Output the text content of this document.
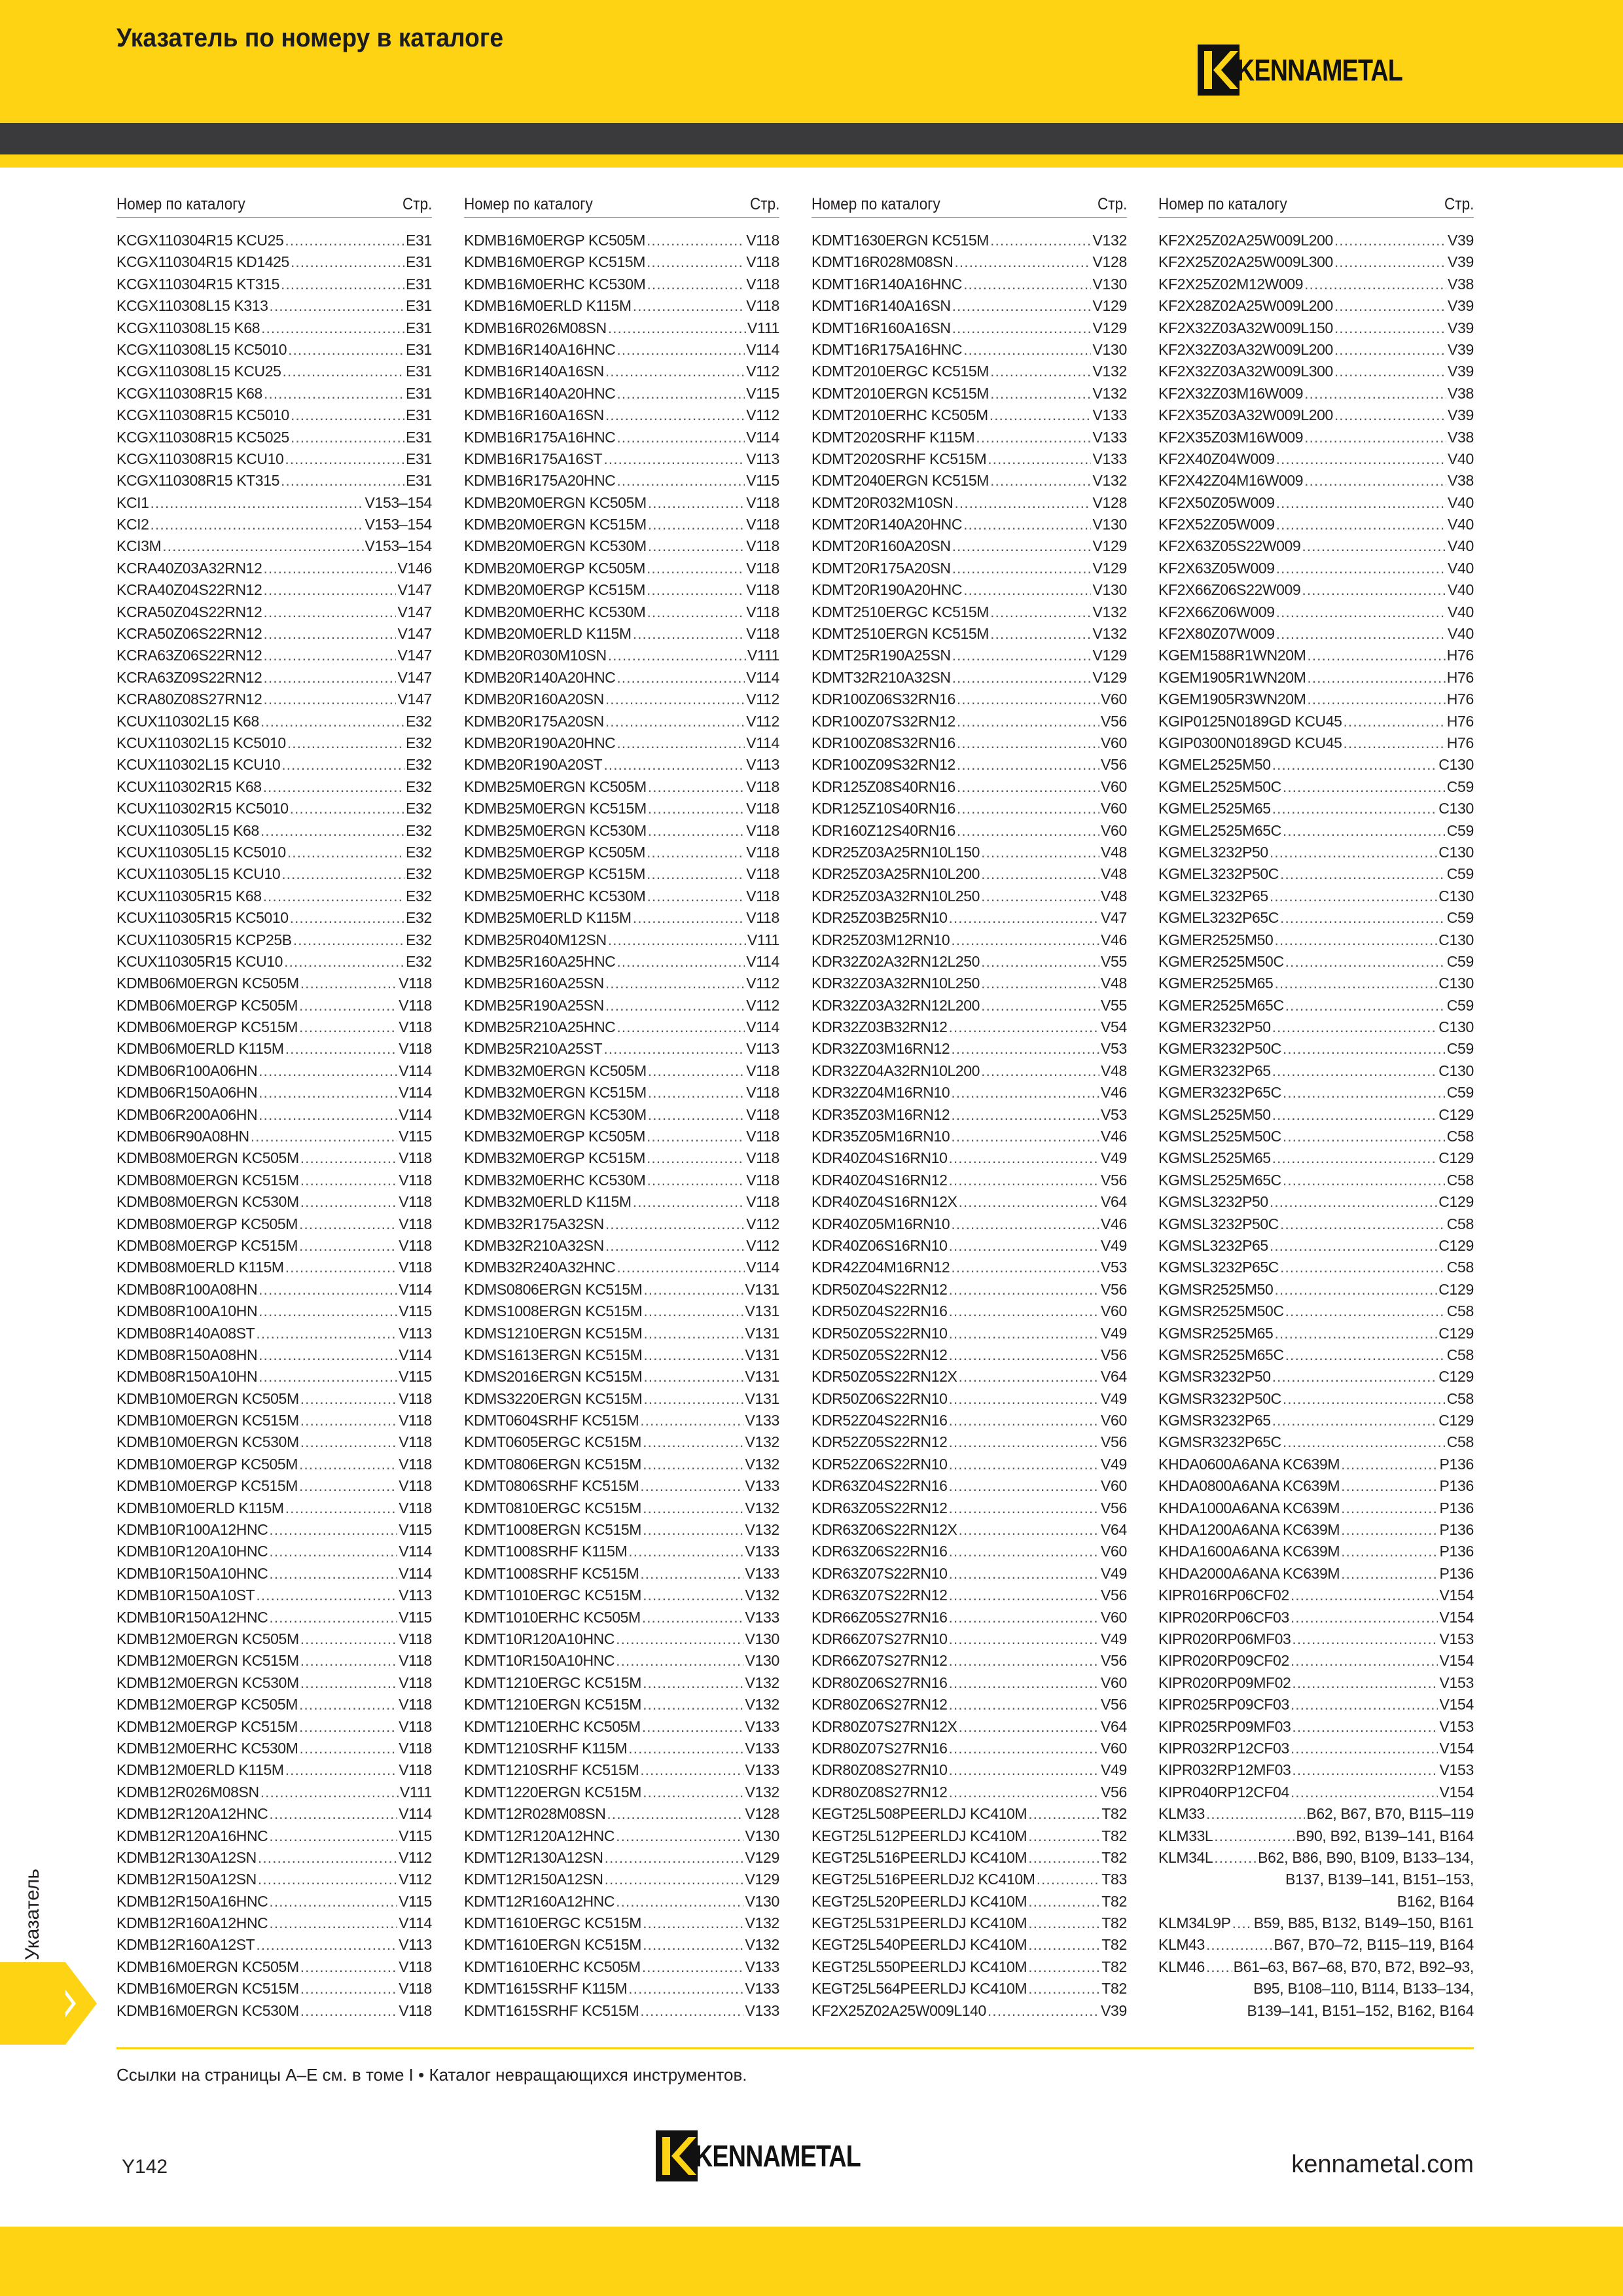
Указатель по номеру в каталоге
KENNAMETAL
Номер по каталогу	Стр.
KCGX110304R15 KCU25 .....	E31
KCGX110304R15 KD1425 .....	E31
KCGX110304R15 KT315 .....	E31
KCGX110308L15 K313 .....	E31
KCGX110308L15 K68 .....	E31
KCGX110308L15 KC5010 .....	E31
KCGX110308L15 KCU25 .....	E31
KCGX110308R15 K68 .....	E31
KCGX110308R15 KC5010 .....	E31
KCGX110308R15 KC5025 .....	E31
KCGX110308R15 KCU10 .....	E31
KCGX110308R15 KT315 .....	E31
KCI1 .....	V153–154
KCI2 .....	V153–154
KCI3M .....	V153–154
KCRA40Z03A32RN12 .....	V146
KCRA40Z04S22RN12 .....	V147
KCRA50Z04S22RN12 .....	V147
KCRA50Z06S22RN12 .....	V147
KCRA63Z06S22RN12 .....	V147
KCRA63Z09S22RN12 .....	V147
KCRA80Z08S27RN12 .....	V147
KCUX110302L15 K68 .....	E32
KCUX110302L15 KC5010 .....	E32
KCUX110302L15 KCU10 .....	E32
KCUX110302R15 K68 .....	E32
KCUX110302R15 KC5010 .....	E32
KCUX110305L15 K68 .....	E32
KCUX110305L15 KC5010 .....	E32
KCUX110305L15 KCU10 .....	E32
KCUX110305R15 K68 .....	E32
KCUX110305R15 KC5010 .....	E32
KCUX110305R15 KCP25B .....	E32
KCUX110305R15 KCU10 .....	E32
KDMB06M0ERGN KC505M .....	V118
KDMB06M0ERGP KC505M .....	V118
KDMB06M0ERGP KC515M .....	V118
KDMB06M0ERLD K115M .....	V118
KDMB06R100A06HN .....	V114
KDMB06R150A06HN .....	V114
KDMB06R200A06HN .....	V114
KDMB06R90A08HN .....	V115
KDMB08M0ERGN KC505M .....	V118
KDMB08M0ERGN KC515M .....	V118
KDMB08M0ERGN KC530M .....	V118
KDMB08M0ERGP KC505M .....	V118
KDMB08M0ERGP KC515M .....	V118
KDMB08M0ERLD K115M .....	V118
KDMB08R100A08HN .....	V114
KDMB08R100A10HN .....	V115
KDMB08R140A08ST .....	V113
KDMB08R150A08HN .....	V114
KDMB08R150A10HN .....	V115
KDMB10M0ERGN KC505M .....	V118
KDMB10M0ERGN KC515M .....	V118
KDMB10M0ERGN KC530M .....	V118
KDMB10M0ERGP KC505M .....	V118
KDMB10M0ERGP KC515M .....	V118
KDMB10M0ERLD K115M .....	V118
KDMB10R100A12HNC .....	V115
KDMB10R120A10HNC .....	V114
KDMB10R150A10HNC .....	V114
KDMB10R150A10ST .....	V113
KDMB10R150A12HNC .....	V115
KDMB12M0ERGN KC505M .....	V118
KDMB12M0ERGN KC515M .....	V118
KDMB12M0ERGN KC530M .....	V118
KDMB12M0ERGP KC505M .....	V118
KDMB12M0ERGP KC515M .....	V118
KDMB12M0ERHC KC530M .....	V118
KDMB12M0ERLD K115M .....	V118
KDMB12R026M08SN .....	V111
KDMB12R120A12HNC .....	V114
KDMB12R120A16HNC .....	V115
KDMB12R130A12SN .....	V112
KDMB12R150A12SN .....	V112
KDMB12R150A16HNC .....	V115
KDMB12R160A12HNC .....	V114
KDMB12R160A12ST .....	V113
KDMB16M0ERGN KC505M .....	V118
KDMB16M0ERGN KC515M .....	V118
KDMB16M0ERGN KC530M .....	V118
Номер по каталогу	Стр.
KDMB16M0ERGP KC505M .....	V118
KDMB16M0ERGP KC515M .....	V118
KDMB16M0ERHC KC530M .....	V118
KDMB16M0ERLD K115M .....	V118
KDMB16R026M08SN .....	V111
KDMB16R140A16HNC .....	V114
KDMB16R140A16SN .....	V112
KDMB16R140A20HNC .....	V115
KDMB16R160A16SN .....	V112
KDMB16R175A16HNC .....	V114
KDMB16R175A16ST .....	V113
KDMB16R175A20HNC .....	V115
KDMB20M0ERGN KC505M .....	V118
KDMB20M0ERGN KC515M .....	V118
KDMB20M0ERGN KC530M .....	V118
KDMB20M0ERGP KC505M .....	V118
KDMB20M0ERGP KC515M .....	V118
KDMB20M0ERHC KC530M .....	V118
KDMB20M0ERLD K115M .....	V118
KDMB20R030M10SN .....	V111
KDMB20R140A20HNC .....	V114
KDMB20R160A20SN .....	V112
KDMB20R175A20SN .....	V112
KDMB20R190A20HNC .....	V114
KDMB20R190A20ST .....	V113
KDMB25M0ERGN KC505M .....	V118
KDMB25M0ERGN KC515M .....	V118
KDMB25M0ERGN KC530M .....	V118
KDMB25M0ERGP KC505M .....	V118
KDMB25M0ERGP KC515M .....	V118
KDMB25M0ERHC KC530M .....	V118
KDMB25M0ERLD K115M .....	V118
KDMB25R040M12SN .....	V111
KDMB25R160A25HNC .....	V114
KDMB25R160A25SN .....	V112
KDMB25R190A25SN .....	V112
KDMB25R210A25HNC .....	V114
KDMB25R210A25ST .....	V113
KDMB32M0ERGN KC505M .....	V118
KDMB32M0ERGN KC515M .....	V118
KDMB32M0ERGN KC530M .....	V118
KDMB32M0ERGP KC505M .....	V118
KDMB32M0ERGP KC515M .....	V118
KDMB32M0ERHC KC530M .....	V118
KDMB32M0ERLD K115M .....	V118
KDMB32R175A32SN .....	V112
KDMB32R210A32SN .....	V112
KDMB32R240A32HNC .....	V114
KDMS0806ERGN KC515M .....	V131
KDMS1008ERGN KC515M .....	V131
KDMS1210ERGN KC515M .....	V131
KDMS1613ERGN KC515M .....	V131
KDMS2016ERGN KC515M .....	V131
KDMS3220ERGN KC515M .....	V131
KDMT0604SRHF KC515M .....	V133
KDMT0605ERGC KC515M .....	V132
KDMT0806ERGN KC515M .....	V132
KDMT0806SRHF KC515M .....	V133
KDMT0810ERGC KC515M .....	V132
KDMT1008ERGN KC515M .....	V132
KDMT1008SRHF K115M .....	V133
KDMT1008SRHF KC515M .....	V133
KDMT1010ERGC KC515M .....	V132
KDMT1010ERHC KC505M .....	V133
KDMT10R120A10HNC .....	V130
KDMT10R150A10HNC .....	V130
KDMT1210ERGC KC515M .....	V132
KDMT1210ERGN KC515M .....	V132
KDMT1210ERHC KC505M .....	V133
KDMT1210SRHF K115M .....	V133
KDMT1210SRHF KC515M .....	V133
KDMT1220ERGN KC515M .....	V132
KDMT12R028M08SN .....	V128
KDMT12R120A12HNC .....	V130
KDMT12R130A12SN .....	V129
KDMT12R150A12SN .....	V129
KDMT12R160A12HNC .....	V130
KDMT1610ERGC KC515M .....	V132
KDMT1610ERGN KC515M .....	V132
KDMT1610ERHC KC505M .....	V133
KDMT1615SRHF K115M .....	V133
KDMT1615SRHF KC515M .....	V133
Номер по каталогу	Стр.
KDMT1630ERGN KC515M .....	V132
KDMT16R028M08SN .....	V128
KDMT16R140A16HNC .....	V130
KDMT16R140A16SN .....	V129
KDMT16R160A16SN .....	V129
KDMT16R175A16HNC .....	V130
KDMT2010ERGC KC515M .....	V132
KDMT2010ERGN KC515M .....	V132
KDMT2010ERHC KC505M .....	V133
KDMT2020SRHF K115M .....	V133
KDMT2020SRHF KC515M .....	V133
KDMT2040ERGN KC515M .....	V132
KDMT20R032M10SN .....	V128
KDMT20R140A20HNC .....	V130
KDMT20R160A20SN .....	V129
KDMT20R175A20SN .....	V129
KDMT20R190A20HNC .....	V130
KDMT2510ERGC KC515M .....	V132
KDMT2510ERGN KC515M .....	V132
KDMT25R190A25SN .....	V129
KDMT32R210A32SN .....	V129
KDR100Z06S32RN16 .....	V60
KDR100Z07S32RN12 .....	V56
KDR100Z08S32RN16 .....	V60
KDR100Z09S32RN12 .....	V56
KDR125Z08S40RN16 .....	V60
KDR125Z10S40RN16 .....	V60
KDR160Z12S40RN16 .....	V60
KDR25Z03A25RN10L150 .....	V48
KDR25Z03A25RN10L200 .....	V48
KDR25Z03A32RN10L250 .....	V48
KDR25Z03B25RN10 .....	V47
KDR25Z03M12RN10 .....	V46
KDR32Z02A32RN12L250 .....	V55
KDR32Z03A32RN10L250 .....	V48
KDR32Z03A32RN12L200 .....	V55
KDR32Z03B32RN12 .....	V54
KDR32Z03M16RN12 .....	V53
KDR32Z04A32RN10L200 .....	V48
KDR32Z04M16RN10 .....	V46
KDR35Z03M16RN12 .....	V53
KDR35Z05M16RN10 .....	V46
KDR40Z04S16RN10 .....	V49
KDR40Z04S16RN12 .....	V56
KDR40Z04S16RN12X .....	V64
KDR40Z05M16RN10 .....	V46
KDR40Z06S16RN10 .....	V49
KDR42Z04M16RN12 .....	V53
KDR50Z04S22RN12 .....	V56
KDR50Z04S22RN16 .....	V60
KDR50Z05S22RN10 .....	V49
KDR50Z05S22RN12 .....	V56
KDR50Z05S22RN12X .....	V64
KDR50Z06S22RN10 .....	V49
KDR52Z04S22RN16 .....	V60
KDR52Z05S22RN12 .....	V56
KDR52Z06S22RN10 .....	V49
KDR63Z04S22RN16 .....	V60
KDR63Z05S22RN12 .....	V56
KDR63Z06S22RN12X .....	V64
KDR63Z06S22RN16 .....	V60
KDR63Z07S22RN10 .....	V49
KDR63Z07S22RN12 .....	V56
KDR66Z05S27RN16 .....	V60
KDR66Z07S27RN10 .....	V49
KDR66Z07S27RN12 .....	V56
KDR80Z06S27RN16 .....	V60
KDR80Z06S27RN12 .....	V56
KDR80Z07S27RN12X .....	V64
KDR80Z07S27RN16 .....	V60
KDR80Z08S27RN10 .....	V49
KDR80Z08S27RN12 .....	V56
KEGT25L508PEERLDJ KC410M .....	T82
KEGT25L512PEERLDJ KC410M .....	T82
KEGT25L516PEERLDJ KC410M .....	T82
KEGT25L516PEERLDJ2 KC410M .....	T83
KEGT25L520PEERLDJ KC410M .....	T82
KEGT25L531PEERLDJ KC410M .....	T82
KEGT25L540PEERLDJ KC410M .....	T82
KEGT25L550PEERLDJ KC410M .....	T82
KEGT25L564PEERLDJ KC410M .....	T82
KF2X25Z02A25W009L140 .....	V39
Номер по каталогу	Стр.
KF2X25Z02A25W009L200 .....	V39
KF2X25Z02A25W009L300 .....	V39
KF2X25Z02M12W009 .....	V38
KF2X28Z02A25W009L200 .....	V39
KF2X32Z03A32W009L150 .....	V39
KF2X32Z03A32W009L200 .....	V39
KF2X32Z03A32W009L300 .....	V39
KF2X32Z03M16W009 .....	V38
KF2X35Z03A32W009L200 .....	V39
KF2X35Z03M16W009 .....	V38
KF2X40Z04W009 .....	V40
KF2X42Z04M16W009 .....	V38
KF2X50Z05W009 .....	V40
KF2X52Z05W009 .....	V40
KF2X63Z05S22W009 .....	V40
KF2X63Z05W009 .....	V40
KF2X66Z06S22W009 .....	V40
KF2X66Z06W009 .....	V40
KF2X80Z07W009 .....	V40
KGEM1588R1WN20M .....	H76
KGEM1905R1WN20M .....	H76
KGEM1905R3WN20M .....	H76
KGIP0125N0189GD KCU45 .....	H76
KGIP0300N0189GD KCU45 .....	H76
KGMEL2525M50 .....	C130
KGMEL2525M50C .....	C59
KGMEL2525M65 .....	C130
KGMEL2525M65C .....	C59
KGMEL3232P50 .....	C130
KGMEL3232P50C .....	C59
KGMEL3232P65 .....	C130
KGMEL3232P65C .....	C59
KGMER2525M50 .....	C130
KGMER2525M50C .....	C59
KGMER2525M65 .....	C130
KGMER2525M65C .....	C59
KGMER3232P50 .....	C130
KGMER3232P50C .....	C59
KGMER3232P65 .....	C130
KGMER3232P65C .....	C59
KGMSL2525M50 .....	C129
KGMSL2525M50C .....	C58
KGMSL2525M65 .....	C129
KGMSL2525M65C .....	C58
KGMSL3232P50 .....	C129
KGMSL3232P50C .....	C58
KGMSL3232P65 .....	C129
KGMSL3232P65C .....	C58
KGMSR2525M50 .....	C129
KGMSR2525M50C .....	C58
KGMSR2525M65 .....	C129
KGMSR2525M65C .....	C58
KGMSR3232P50 .....	C129
KGMSR3232P50C .....	C58
KGMSR3232P65 .....	C129
KGMSR3232P65C .....	C58
KHDA0600A6ANA KC639M .....	P136
KHDA0800A6ANA KC639M .....	P136
KHDA1000A6ANA KC639M .....	P136
KHDA1200A6ANA KC639M .....	P136
KHDA1600A6ANA KC639M .....	P136
KHDA2000A6ANA KC639M .....	P136
KIPR016RP06CF02 .....	V154
KIPR020RP06CF03 .....	V154
KIPR020RP06MF03 .....	V153
KIPR020RP09CF02 .....	V154
KIPR020RP09MF02 .....	V153
KIPR025RP09CF03 .....	V154
KIPR025RP09MF03 .....	V153
KIPR032RP12CF03 .....	V154
KIPR032RP12MF03 .....	V153
KIPR040RP12CF04 .....	V154
KLM33 .....	B62, B67, B70, B115–119
KLM33L .....	B90, B92, B139–141, B164
KLM34L .....	B62, B86, B90, B109, B133–134,
B137, B139–141, B151–153,
B162, B164
KLM34L9P ..... B59, B85, B132, B149–150, B161
KLM43 .....	B67, B70–72, B115–119, B164
KLM46 ..... B61–63, B67–68, B70, B72, B92–93,
B95, B108–110, B114, B133–134,
B139–141, B151–152, B162, B164
Указатель
Ссылки на страницы A–E см. в томе I • Каталог невращающихся инструментов.
Y142	KENNAMETAL	kennametal.com
